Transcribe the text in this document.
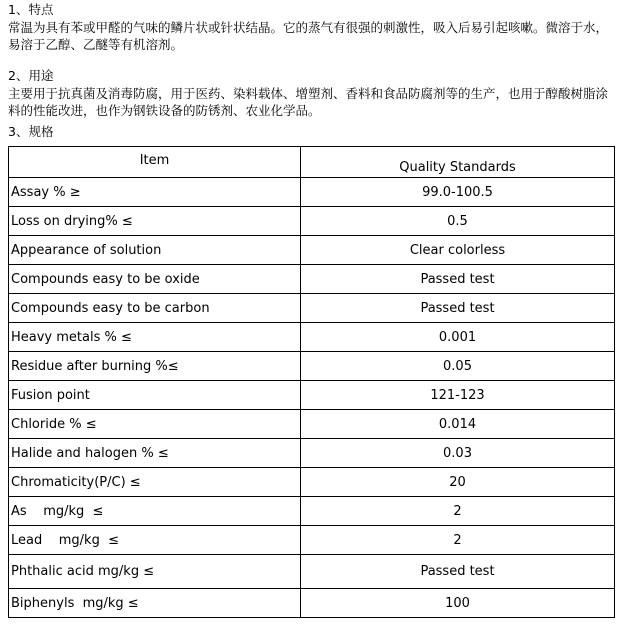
1、特点
常温为具有苯或甲醛的气味的鳞片状或针状结晶。它的蒸气有很强的刺激性，吸入后易引起咳嗽。微溶于水，易溶于乙醇、乙醚等有机溶剂。
2、用途
主要用于抗真菌及消毒防腐，用于医药、染料载体、增塑剂、香料和食品防腐剂等的生产，也用于醇酸树脂涂料的性能改进，也作为钢铁设备的防锈剂、农业化学品。
3、规格
Item	Quality Standards
Assay % ≥	99.0-100.5
Loss on drying% ≤	0.5
Appearance of solution	Clear colorless
Compounds easy to be oxide	Passed test
Compounds easy to be carbon	Passed test
Heavy metals % ≤	0.001
Residue after burning %≤	0.05
Fusion point	121-123
Chloride % ≤	0.014
Halide and halogen % ≤	0.03
Chromaticity(P/C) ≤	20
As    mg/kg  ≤	2
Lead    mg/kg  ≤	2
Phthalic acid mg/kg ≤	Passed test
Biphenyls  mg/kg ≤	100
